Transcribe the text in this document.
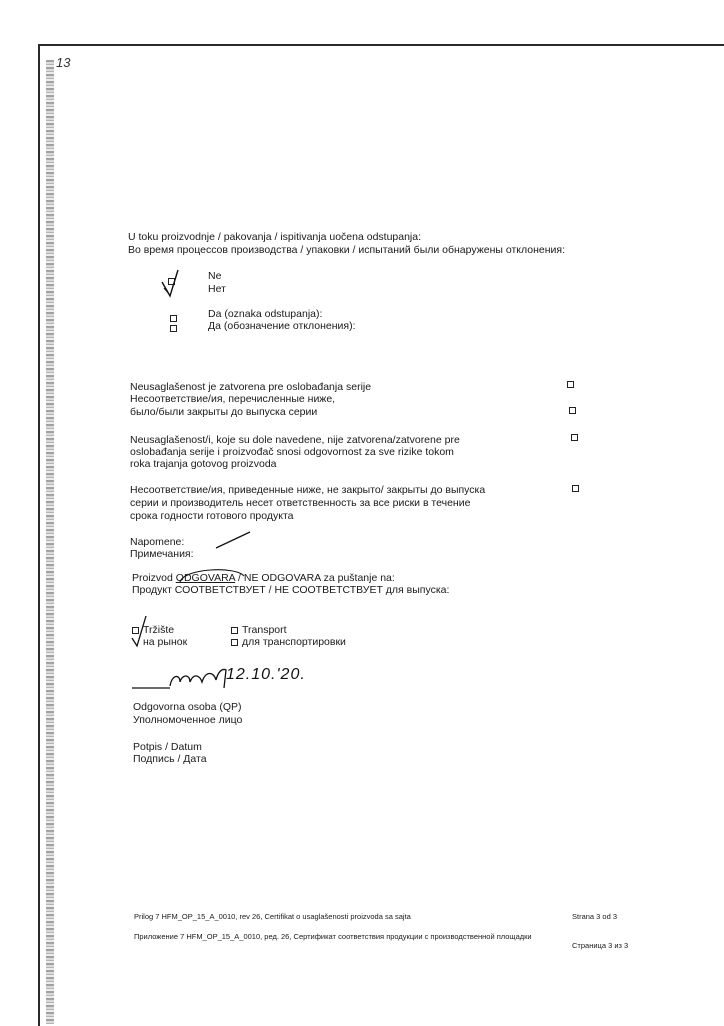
13
U toku proizvodnje / pakovanja / ispitivanja uočena odstupanja:
Во время процессов производства / упаковки / испытаний были обнаружены отклонения:
Ne
Нет
Da (oznaka odstupanja):
Да (обозначение отклонения):
Neusaglašenost je zatvorena pre oslobađanja serije
Несоответствие/ия, перечисленные ниже,
было/были закрыты до выпуска серии
Neusaglašenost/i, koje su dole navedene, nije zatvorena/zatvorene pre
oslobađanja serije i proizvođač snosi odgovornost za sve rizike tokom
roka trajanja gotovog proizvoda
Несоответствие/ия, приведенные ниже, не закрыто/ закрыты до выпуска
серии и производитель несет ответственность за все риски в течение
срока годности готового продукта
Napomene:
Примечания:
Proizvod ODGOVARA / NE ODGOVARA za puštanje na:
Продукт СООТВЕТСТВУЕТ / НЕ СООТВЕТСТВУЕТ для выпуска:
Tržište
на рынок
Transport
для транспортировки
12.10.'20.
Odgovorna osoba (QP)
Уполномоченное лицо
Potpis / Datum
Подпись / Дата
Prilog 7 HFM_OP_15_A_0010, rev 26, Certifikat o usaglašenosti proizvoda sa sajta	Strana 3 od 3
Приложение 7 HFM_OP_15_A_0010, ред. 26, Сертификат соответствия продукции с производственной площадки
Страница 3 из 3
